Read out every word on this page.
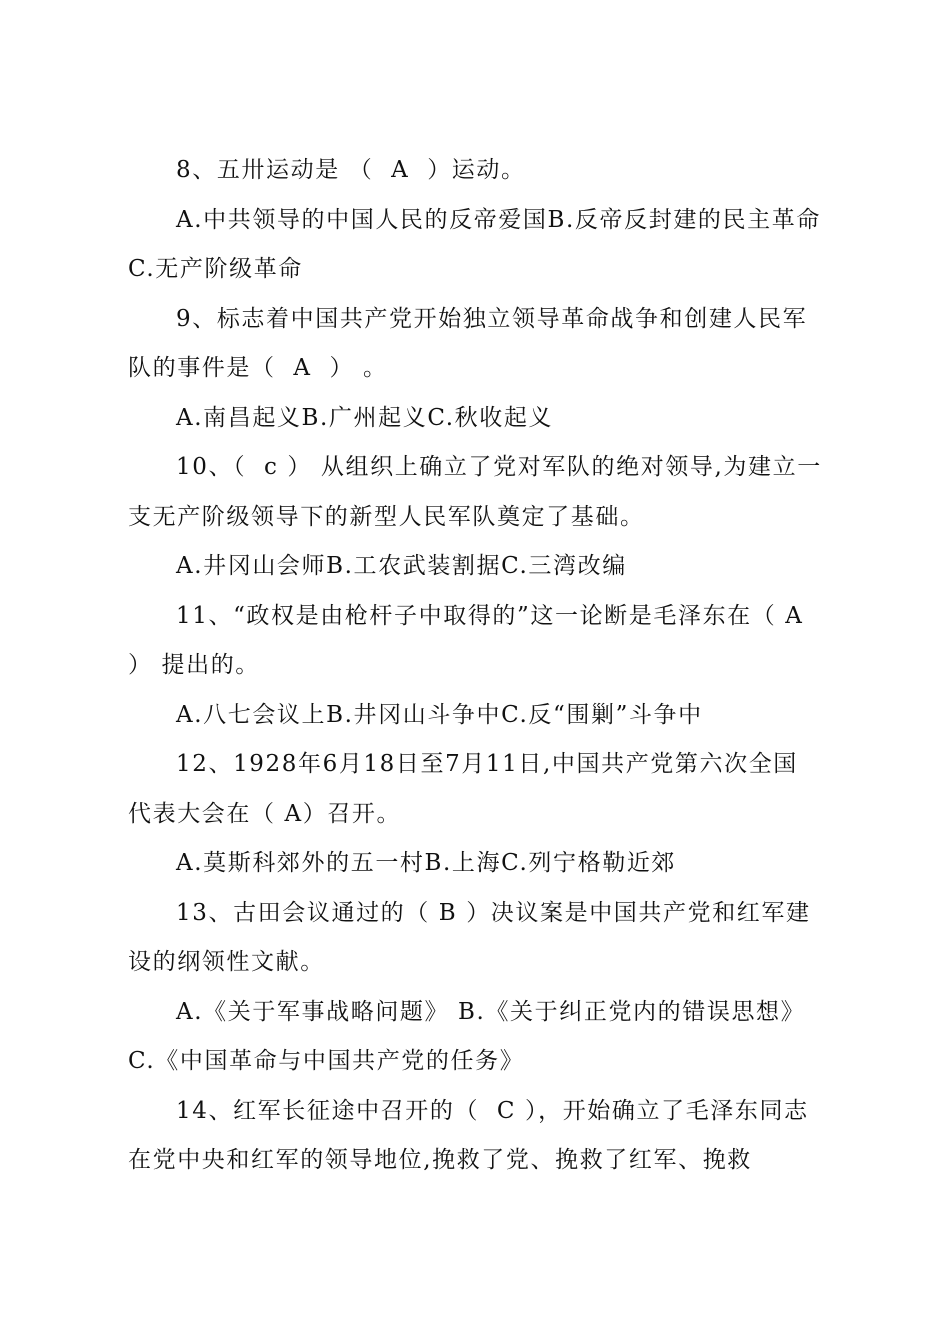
8、五卅运动是 （  A  ）运动。

A.中共领导的中国人民的反帝爱国B.反帝反封建的民主革命C.无产阶级革命

9、标志着中国共产党开始独立领导革命战争和创建人民军队的事件是（  A  ） 。

A.南昌起义B.广州起义C.秋收起义

10、（  c ） 从组织上确立了党对军队的绝对领导,为建立一支无产阶级领导下的新型人民军队奠定了基础。

A.井冈山会师B.工农武装割据C.三湾改编

11、“政权是由枪杆子中取得的”这一论断是毛泽东在（ A  ） 提出的。

A.八七会议上B.井冈山斗争中C.反“围剿”斗争中

12、1928年6月18日至7月11日,中国共产党第六次全国代表大会在（ A）召开。

A.莫斯科郊外的五一村B.上海C.列宁格勒近郊

13、古田会议通过的（ B ）决议案是中国共产党和红军建设的纲领性文献。

A.《关于军事战略问题》 B.《关于纠正党内的错误思想》  C.《中国革命与中国共产党的任务》

14、红军长征途中召开的（  C ），开始确立了毛泽东同志在党中央和红军的领导地位,挽救了党、挽救了红军、挽救
